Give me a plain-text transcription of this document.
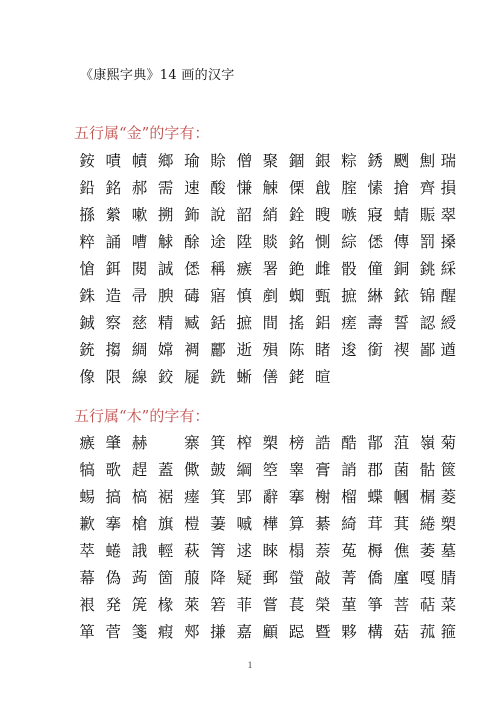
《康熙字典》14 画的汉字
五行属“金”的字有：
銨 嘖 幘 鄉 瑜 賒 僧 聚 錮 銀 粽 銹 颲 劁 瑞
鉛 銘 郝 需 速 酸 慊 觫 傈 戧 腟 愫 搶 齊 損
搎 縈 嗽 搠 鉓 說 韶 綃 銓 瞍 嗾 寢 蜻 賑 翠
粹 誦 嘈 觩 酴 途 陞 賧 銘 惻 綜 僁 傳 罰 搡
愴 鉺 閱 誠 僁 稱 瘯 署 銫 雌 骰 僮 銅 銚 綵
銖 造 帚 腴 碡 寤 慎 剷 蜘 甄 摭 綝 銥 锦 醒
鋮 察 慈 精 臧 銛 摭 間 搖 鋁 瘥 壽 誓 認 綬
銃 搊 綢 嫦 裯 酈 逝 殞 陈 睹 逡 銜 禊 鄙 遒
像 限 線 鉸 屣 銑 蜥 僐 銠 暄
五行属“木”的字有：
瘯 肇 赫	寨 箕 榨 槊 榜 誥 酷 鄁 菹 嶺 菊
犒 歌 趕 蓋 僛 皷 綱 箜 睾 膏 誚 郡 菌 骷 篋
蜴 搞 槁 裾 瘗 箕 郢 辭 搴 榭 榴 蝶 幗 榍 菱
歉 搴 槍 旗 榿 萋 嘁 樺 算 綦 綺 茸 萁 綣 槊
萃 蜷 誐 輕 萩 箐 逑 睞 榻 萘 菟 槈 僬 萎 墓
幕 偽 蒟 箇 菔 降 疑 郵 螢 敲 菁 僑 廑 嘎 腈
裉 発 箎 椽 萊 箬 菲 嘗 萇 榮 菫 箏 菩 萜 菜
箪 菅 箋 瘕 郟 搛 嘉 顧 跽 暨 夥 構 菇 菰 箍
1
